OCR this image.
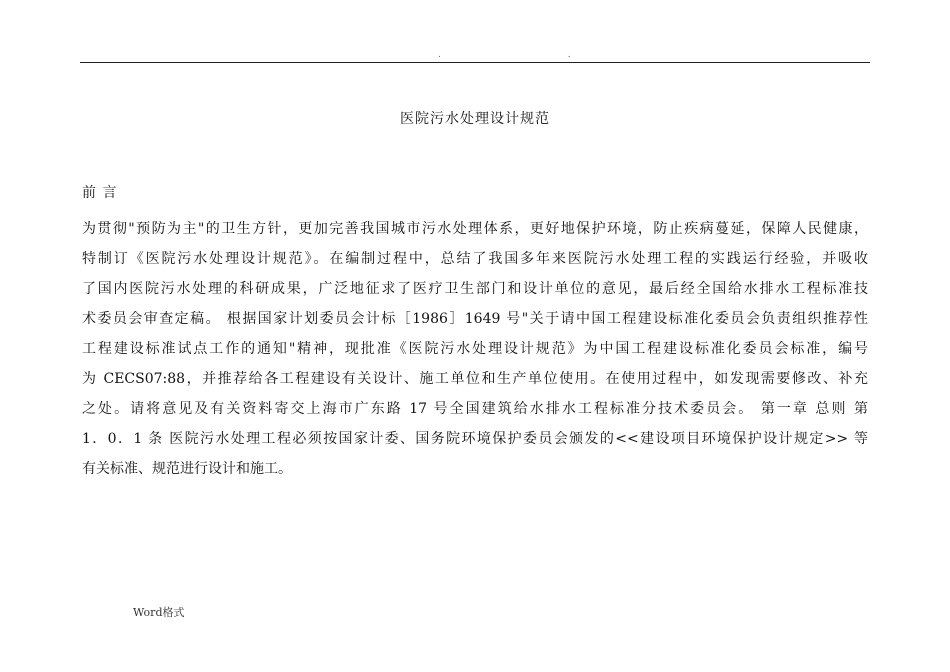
. .
医院污水处理设计规范
前 言
为贯彻"预防为主"的卫生方针，更加完善我国城市污水处理体系，更好地保护环境，防止疾病蔓延，保障人民健康，
特制订《医院污水处理设计规范》。在编制过程中，总结了我国多年来医院污水处理工程的实践运行经验，并吸收
了国内医院污水处理的科研成果，广泛地征求了医疗卫生部门和设计单位的意见，最后经全国给水排水工程标准技
术委员会审查定稿。 根据国家计划委员会计标［1986］1649 号"关于请中国工程建设标准化委员会负责组织推荐性
工程建设标准试点工作的通知"精神，现批准《医院污水处理设计规范》为中国工程建设标准化委员会标准，编号
为 CECS07:88，并推荐给各工程建设有关设计、施工单位和生产单位使用。在使用过程中，如发现需要修改、补充
之处。请将意见及有关资料寄交上海市广东路 17 号全国建筑给水排水工程标准分技术委员会。 第一章 总则 第
1．0．1 条 医院污水处理工程必须按国家计委、国务院环境保护委员会颁发的<<建设项目环境保护设计规定>> 等
有关标准、规范进行设计和施工。
Word格式
